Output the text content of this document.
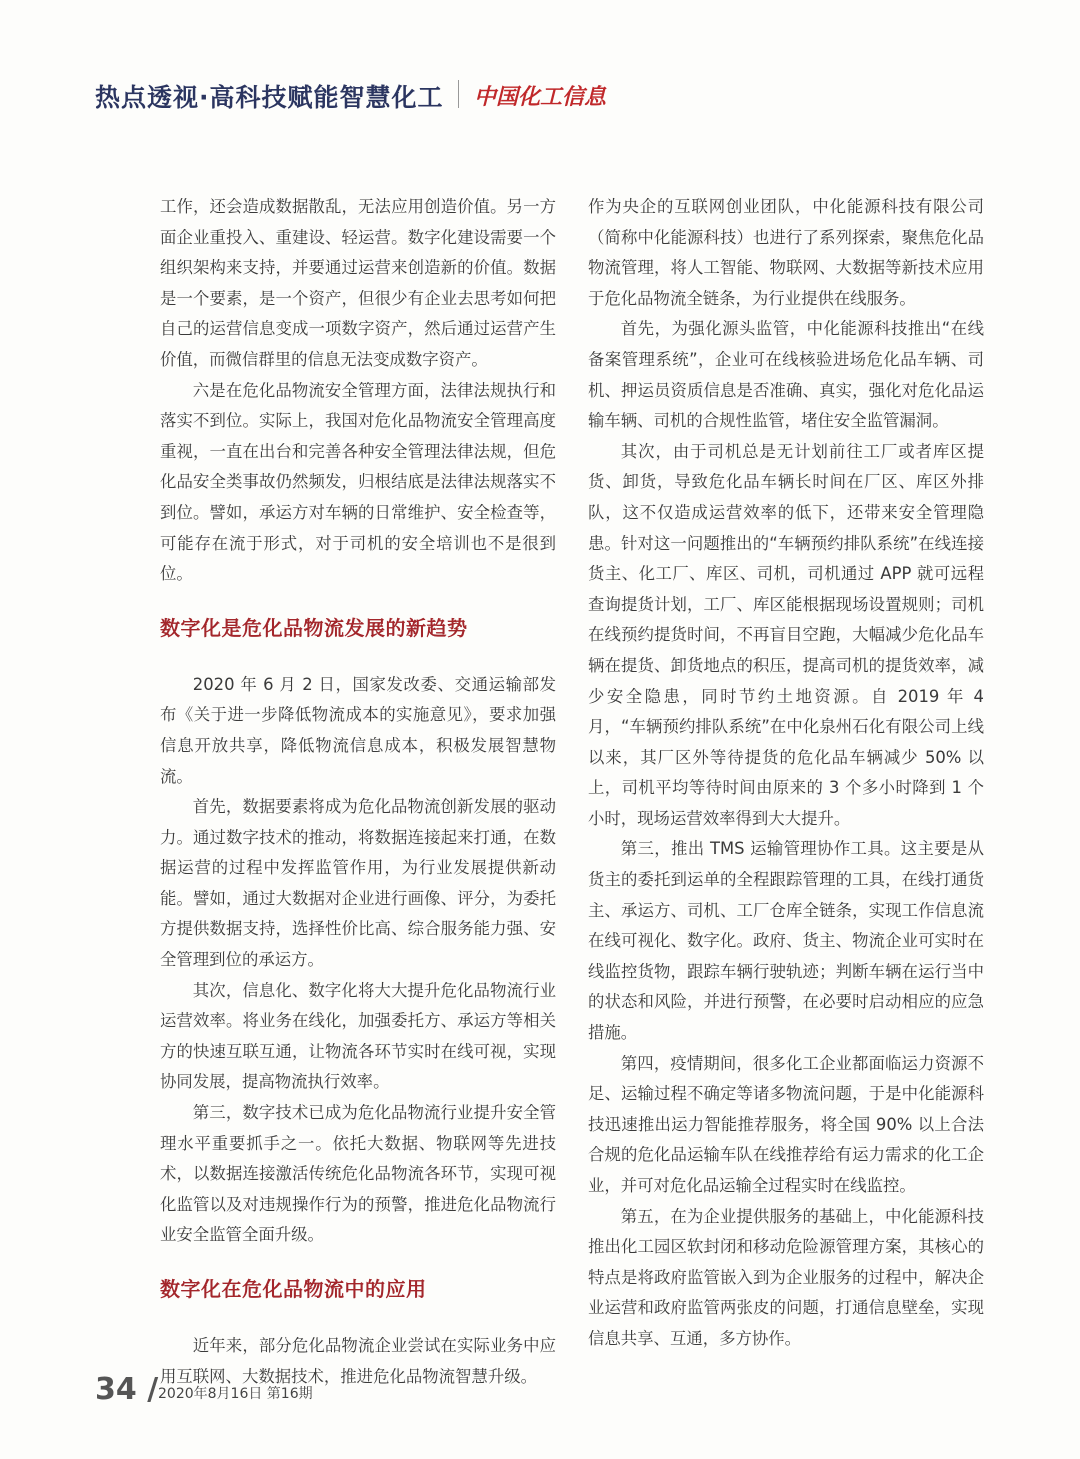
热点透视·高科技赋能智慧化工 中国化工信息

工作，还会造成数据散乱，无法应用创造价值。另一方面企业重投入、重建设、轻运营。数字化建设需要一个组织架构来支持，并要通过运营来创造新的价值。数据是一个要素，是一个资产，但很少有企业去思考如何把自己的运营信息变成一项数字资产，然后通过运营产生价值，而微信群里的信息无法变成数字资产。

六是在危化品物流安全管理方面，法律法规执行和落实不到位。实际上，我国对危化品物流安全管理高度重视，一直在出台和完善各种安全管理法律法规，但危化品安全类事故仍然频发，归根结底是法律法规落实不到位。譬如，承运方对车辆的日常维护、安全检查等，可能存在流于形式，对于司机的安全培训也不是很到位。

数字化是危化品物流发展的新趋势

2020 年 6 月 2 日，国家发改委、交通运输部发布《关于进一步降低物流成本的实施意见》，要求加强信息开放共享，降低物流信息成本，积极发展智慧物流。

首先，数据要素将成为危化品物流创新发展的驱动力。通过数字技术的推动，将数据连接起来打通，在数据运营的过程中发挥监管作用，为行业发展提供新动能。譬如，通过大数据对企业进行画像、评分，为委托方提供数据支持，选择性价比高、综合服务能力强、安全管理到位的承运方。

其次，信息化、数字化将大大提升危化品物流行业运营效率。将业务在线化，加强委托方、承运方等相关方的快速互联互通，让物流各环节实时在线可视，实现协同发展，提高物流执行效率。

第三，数字技术已成为危化品物流行业提升安全管理水平重要抓手之一。依托大数据、物联网等先进技术，以数据连接激活传统危化品物流各环节，实现可视化监管以及对违规操作行为的预警，推进危化品物流行业安全监管全面升级。

数字化在危化品物流中的应用

近年来，部分危化品物流企业尝试在实际业务中应用互联网、大数据技术，推进危化品物流智慧升级。

作为央企的互联网创业团队，中化能源科技有限公司（简称中化能源科技）也进行了系列探索，聚焦危化品物流管理，将人工智能、物联网、大数据等新技术应用于危化品物流全链条，为行业提供在线服务。

首先，为强化源头监管，中化能源科技推出“在线备案管理系统”，企业可在线核验进场危化品车辆、司机、押运员资质信息是否准确、真实，强化对危化品运输车辆、司机的合规性监管，堵住安全监管漏洞。

其次，由于司机总是无计划前往工厂或者库区提货、卸货，导致危化品车辆长时间在厂区、库区外排队，这不仅造成运营效率的低下，还带来安全管理隐患。针对这一问题推出的“车辆预约排队系统”在线连接货主、化工厂、库区、司机，司机通过 APP 就可远程查询提货计划，工厂、库区能根据现场设置规则；司机在线预约提货时间，不再盲目空跑，大幅减少危化品车辆在提货、卸货地点的积压，提高司机的提货效率，减少安全隐患，同时节约土地资源。自 2019 年 4 月，“车辆预约排队系统”在中化泉州石化有限公司上线以来，其厂区外等待提货的危化品车辆减少 50% 以上，司机平均等待时间由原来的 3 个多小时降到 1 个小时，现场运营效率得到大大提升。

第三，推出 TMS 运输管理协作工具。这主要是从货主的委托到运单的全程跟踪管理的工具，在线打通货主、承运方、司机、工厂仓库全链条，实现工作信息流在线可视化、数字化。政府、货主、物流企业可实时在线监控货物，跟踪车辆行驶轨迹；判断车辆在运行当中的状态和风险，并进行预警，在必要时启动相应的应急措施。

第四，疫情期间，很多化工企业都面临运力资源不足、运输过程不确定等诸多物流问题，于是中化能源科技迅速推出运力智能推荐服务，将全国 90% 以上合法合规的危化品运输车队在线推荐给有运力需求的化工企业，并可对危化品运输全过程实时在线监控。

第五，在为企业提供服务的基础上，中化能源科技推出化工园区软封闭和移动危险源管理方案，其核心的特点是将政府监管嵌入到为企业服务的过程中，解决企业运营和政府监管两张皮的问题，打通信息壁垒，实现信息共享、互通，多方协作。

34 / 2020年8月16日 第16期
